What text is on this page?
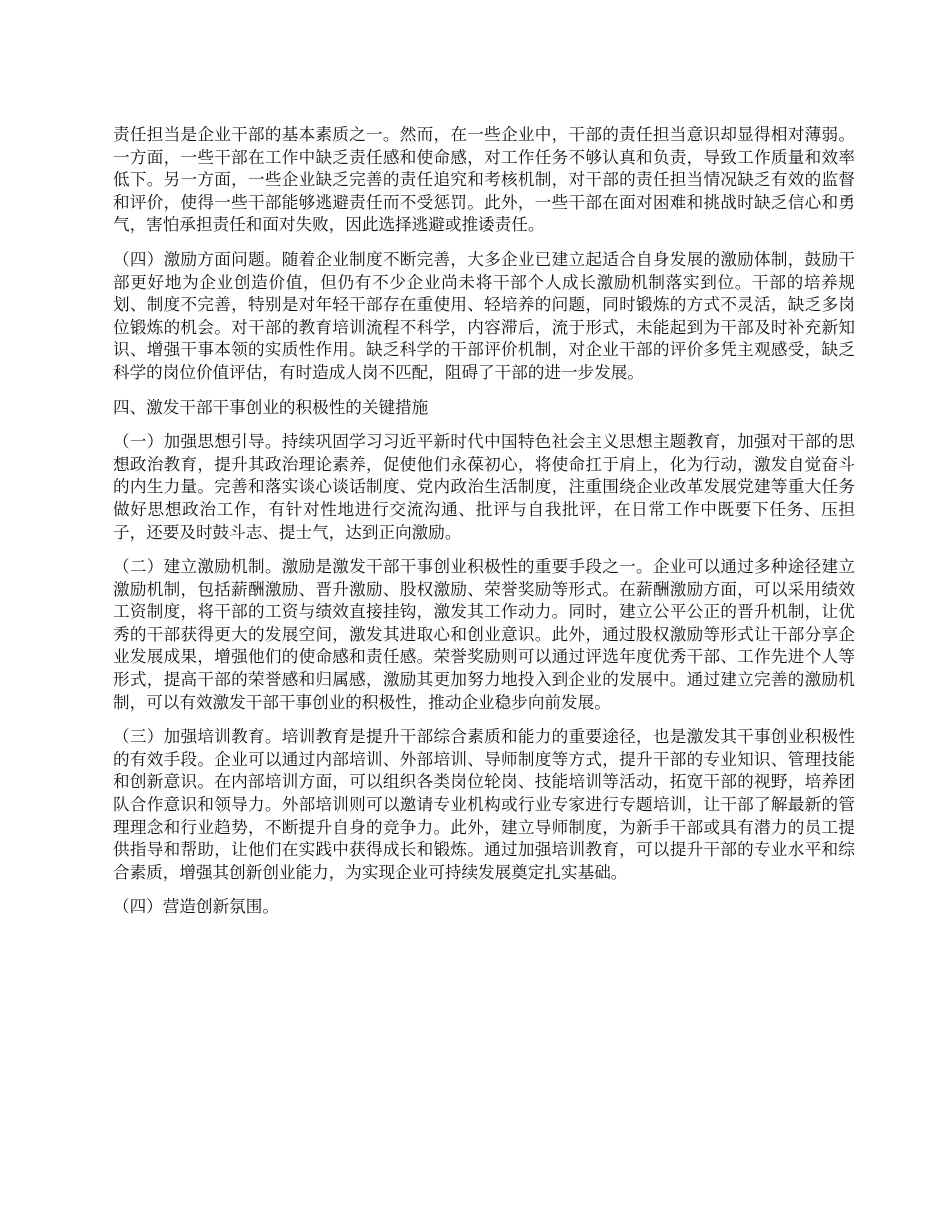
责任担当是企业干部的基本素质之一。然而，在一些企业中，干部的责任担当意识却显得相对薄弱。一方面，一些干部在工作中缺乏责任感和使命感，对工作任务不够认真和负责，导致工作质量和效率低下。另一方面，一些企业缺乏完善的责任追究和考核机制，对干部的责任担当情况缺乏有效的监督和评价，使得一些干部能够逃避责任而不受惩罚。此外，一些干部在面对困难和挑战时缺乏信心和勇气，害怕承担责任和面对失败，因此选择逃避或推诿责任。

（四）激励方面问题。随着企业制度不断完善，大多企业已建立起适合自身发展的激励体制，鼓励干部更好地为企业创造价值，但仍有不少企业尚未将干部个人成长激励机制落实到位。干部的培养规划、制度不完善，特别是对年轻干部存在重使用、轻培养的问题，同时锻炼的方式不灵活，缺乏多岗位锻炼的机会。对干部的教育培训流程不科学，内容滞后，流于形式，未能起到为干部及时补充新知识、增强干事本领的实质性作用。缺乏科学的干部评价机制，对企业干部的评价多凭主观感受，缺乏科学的岗位价值评估，有时造成人岗不匹配，阻碍了干部的进一步发展。

四、激发干部干事创业的积极性的关键措施

（一）加强思想引导。持续巩固学习习近平新时代中国特色社会主义思想主题教育，加强对干部的思想政治教育，提升其政治理论素养，促使他们永葆初心，将使命扛于肩上，化为行动，激发自觉奋斗的内生力量。完善和落实谈心谈话制度、党内政治生活制度，注重围绕企业改革发展党建等重大任务做好思想政治工作，有针对性地进行交流沟通、批评与自我批评，在日常工作中既要下任务、压担子，还要及时鼓斗志、提士气，达到正向激励。

（二）建立激励机制。激励是激发干部干事创业积极性的重要手段之一。企业可以通过多种途径建立激励机制，包括薪酬激励、晋升激励、股权激励、荣誉奖励等形式。在薪酬激励方面，可以采用绩效工资制度，将干部的工资与绩效直接挂钩，激发其工作动力。同时，建立公平公正的晋升机制，让优秀的干部获得更大的发展空间，激发其进取心和创业意识。此外，通过股权激励等形式让干部分享企业发展成果，增强他们的使命感和责任感。荣誉奖励则可以通过评选年度优秀干部、工作先进个人等形式，提高干部的荣誉感和归属感，激励其更加努力地投入到企业的发展中。通过建立完善的激励机制，可以有效激发干部干事创业的积极性，推动企业稳步向前发展。

（三）加强培训教育。培训教育是提升干部综合素质和能力的重要途径，也是激发其干事创业积极性的有效手段。企业可以通过内部培训、外部培训、导师制度等方式，提升干部的专业知识、管理技能和创新意识。在内部培训方面，可以组织各类岗位轮岗、技能培训等活动，拓宽干部的视野，培养团队合作意识和领导力。外部培训则可以邀请专业机构或行业专家进行专题培训，让干部了解最新的管理理念和行业趋势，不断提升自身的竞争力。此外，建立导师制度，为新手干部或具有潜力的员工提供指导和帮助，让他们在实践中获得成长和锻炼。通过加强培训教育，可以提升干部的专业水平和综合素质，增强其创新创业能力，为实现企业可持续发展奠定扎实基础。

（四）营造创新氛围。
